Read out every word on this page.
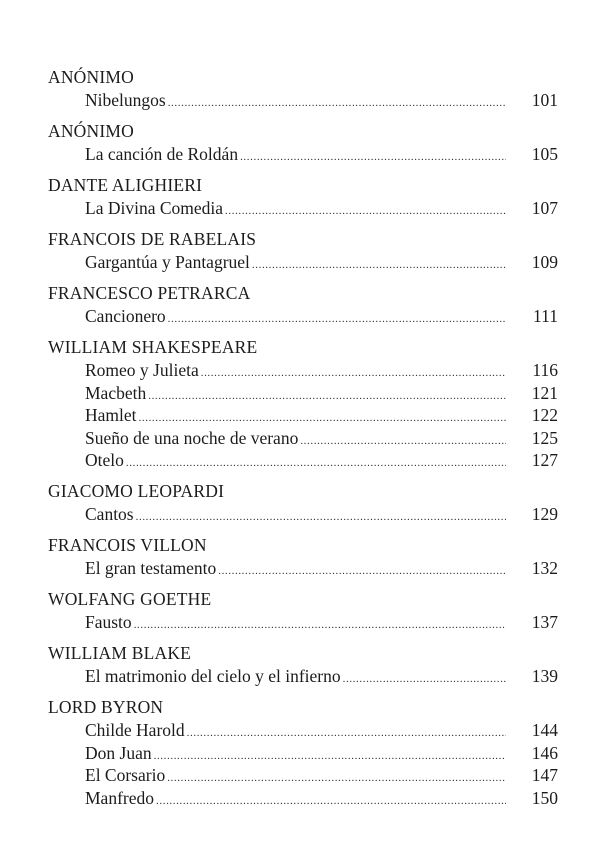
ANÓNIMO
Nibelungos .....	101
ANÓNIMO
La canción de Roldán .....	105
DANTE ALIGHIERI
La Divina Comedia .....	107
FRANCOIS DE RABELAIS
Gargantúa y Pantagruel .....	109
FRANCESCO PETRARCA
Cancionero .....	111
WILLIAM SHAKESPEARE
Romeo y Julieta .....	116
Macbeth .....	121
Hamlet .....	122
Sueño de una noche de verano .....	125
Otelo .....	127
GIACOMO LEOPARDI
Cantos .....	129
FRANCOIS VILLON
El gran testamento .....	132
WOLFANG GOETHE
Fausto .....	137
WILLIAM BLAKE
El matrimonio del cielo y el infierno .....	139
LORD BYRON
Childe Harold .....	144
Don Juan .....	146
El Corsario .....	147
Manfredo .....	150
